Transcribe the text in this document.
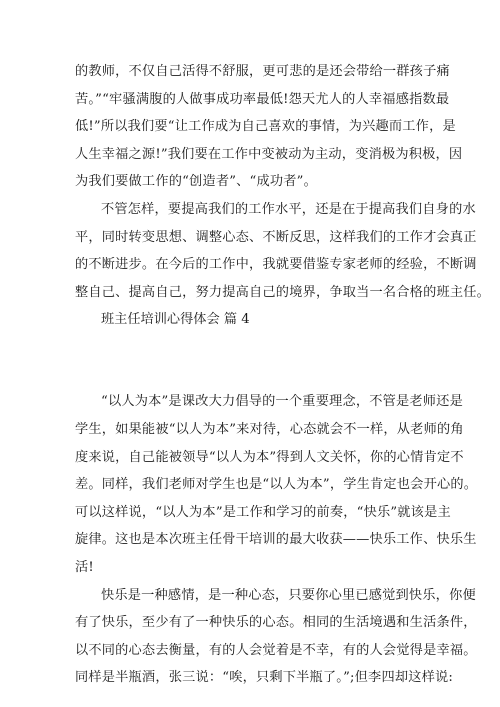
的教师，不仅自己活得不舒服，更可悲的是还会带给一群孩子痛
苦。”“牢骚满腹的人做事成功率最低!怨天尤人的人幸福感指数最
低!”所以我们要“让工作成为自己喜欢的事情，为兴趣而工作，是
人生幸福之源!”我们要在工作中变被动为主动，变消极为积极，因
为我们要做工作的“创造者”、“成功者”。
不管怎样，要提高我们的工作水平，还是在于提高我们自身的水
平，同时转变思想、调整心态、不断反思，这样我们的工作才会真正
的不断进步。在今后的工作中，我就要借鉴专家老师的经验，不断调
整自己、提高自己，努力提高自己的境界，争取当一名合格的班主任。
班主任培训心得体会 篇 4
“以人为本”是课改大力倡导的一个重要理念，不管是老师还是
学生，如果能被“以人为本”来对待，心态就会不一样，从老师的角
度来说，自己能被领导“以人为本”得到人文关怀，你的心情肯定不
差。同样，我们老师对学生也是“以人为本”，学生肯定也会开心的。
可以这样说，“以人为本”是工作和学习的前奏，“快乐”就该是主
旋律。这也是本次班主任骨干培训的最大收获——快乐工作、快乐生
活!
快乐是一种感情，是一种心态，只要你心里已感觉到快乐，你便
有了快乐，至少有了一种快乐的心态。相同的生活境遇和生活条件，
以不同的心态去衡量，有的人会觉着是不幸，有的人会觉得是幸福。
同样是半瓶酒，张三说：“唉，只剩下半瓶了。”;但李四却这样说:
